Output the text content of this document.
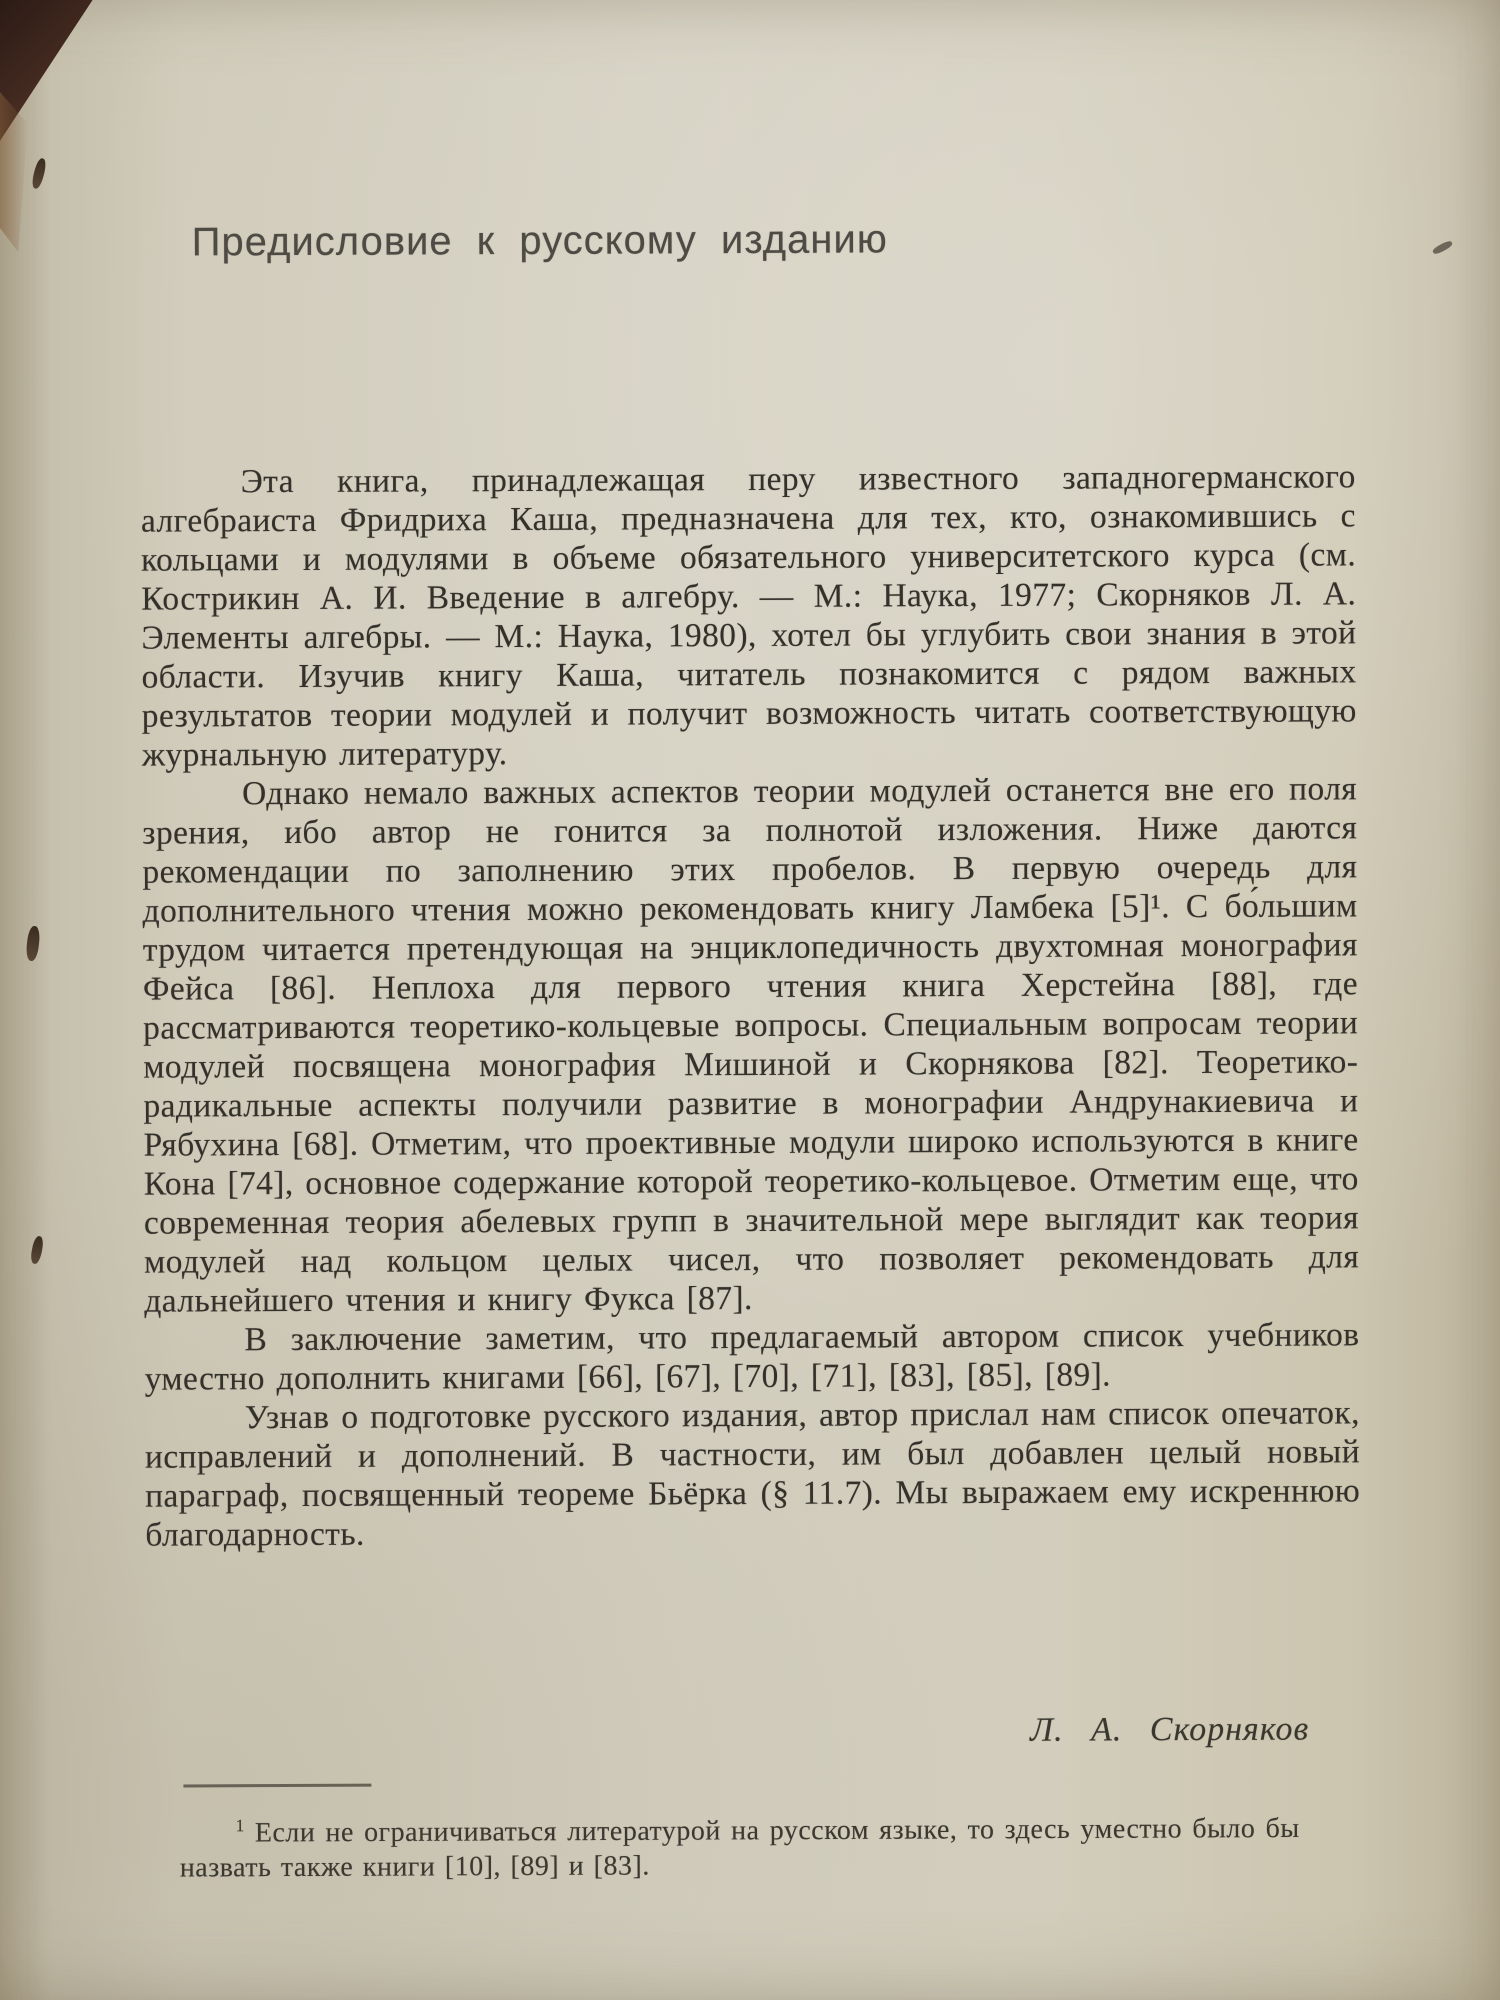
Предисловие к русскому изданию

Эта книга, принадлежащая перу известного западногерманского алгебраиста Фридриха Каша, предназначена для тех, кто, ознакомившись с кольцами и модулями в объеме обязательного университетского курса (см. Кострикин А. И. Введение в алгебру. — М.: Наука, 1977; Скорняков Л. А. Элементы алгебры. — М.: Наука, 1980), хотел бы углубить свои знания в этой области. Изучив книгу Каша, читатель познакомится с рядом важных результатов теории модулей и получит возможность читать соответствующую журнальную литературу.

Однако немало важных аспектов теории модулей останется вне его поля зрения, ибо автор не гонится за полнотой изложения. Ниже даются рекомендации по заполнению этих пробелов. В первую очередь для дополнительного чтения можно рекомендовать книгу Ламбека [5]¹. С бо́льшим трудом читается претендующая на энциклопедичность двухтомная монография Фейса [86]. Неплоха для первого чтения книга Херстейна [88], где рассматриваются теоретико-кольцевые вопросы. Специальным вопросам теории модулей посвящена монография Мишиной и Скорнякова [82]. Теоретико-радикальные аспекты получили развитие в монографии Андрунакиевича и Рябухина [68]. Отметим, что проективные модули широко используются в книге Кона [74], основное содержание которой теоретико-кольцевое. Отметим еще, что современная теория абелевых групп в значительной мере выглядит как теория модулей над кольцом целых чисел, что позволяет рекомендовать для дальнейшего чтения и книгу Фукса [87].

В заключение заметим, что предлагаемый автором список учебников уместно дополнить книгами [66], [67], [70], [71], [83], [85], [89].

Узнав о подготовке русского издания, автор прислал нам список опечаток, исправлений и дополнений. В частности, им был добавлен целый новый параграф, посвященный теореме Бьёрка (§ 11.7). Мы выражаем ему искреннюю благодарность.

Л. А. Скорняков

$^1$ Если не ограничиваться литературой на русском языке, то здесь уместно было бы назвать также книги [10], [89] и [83].
